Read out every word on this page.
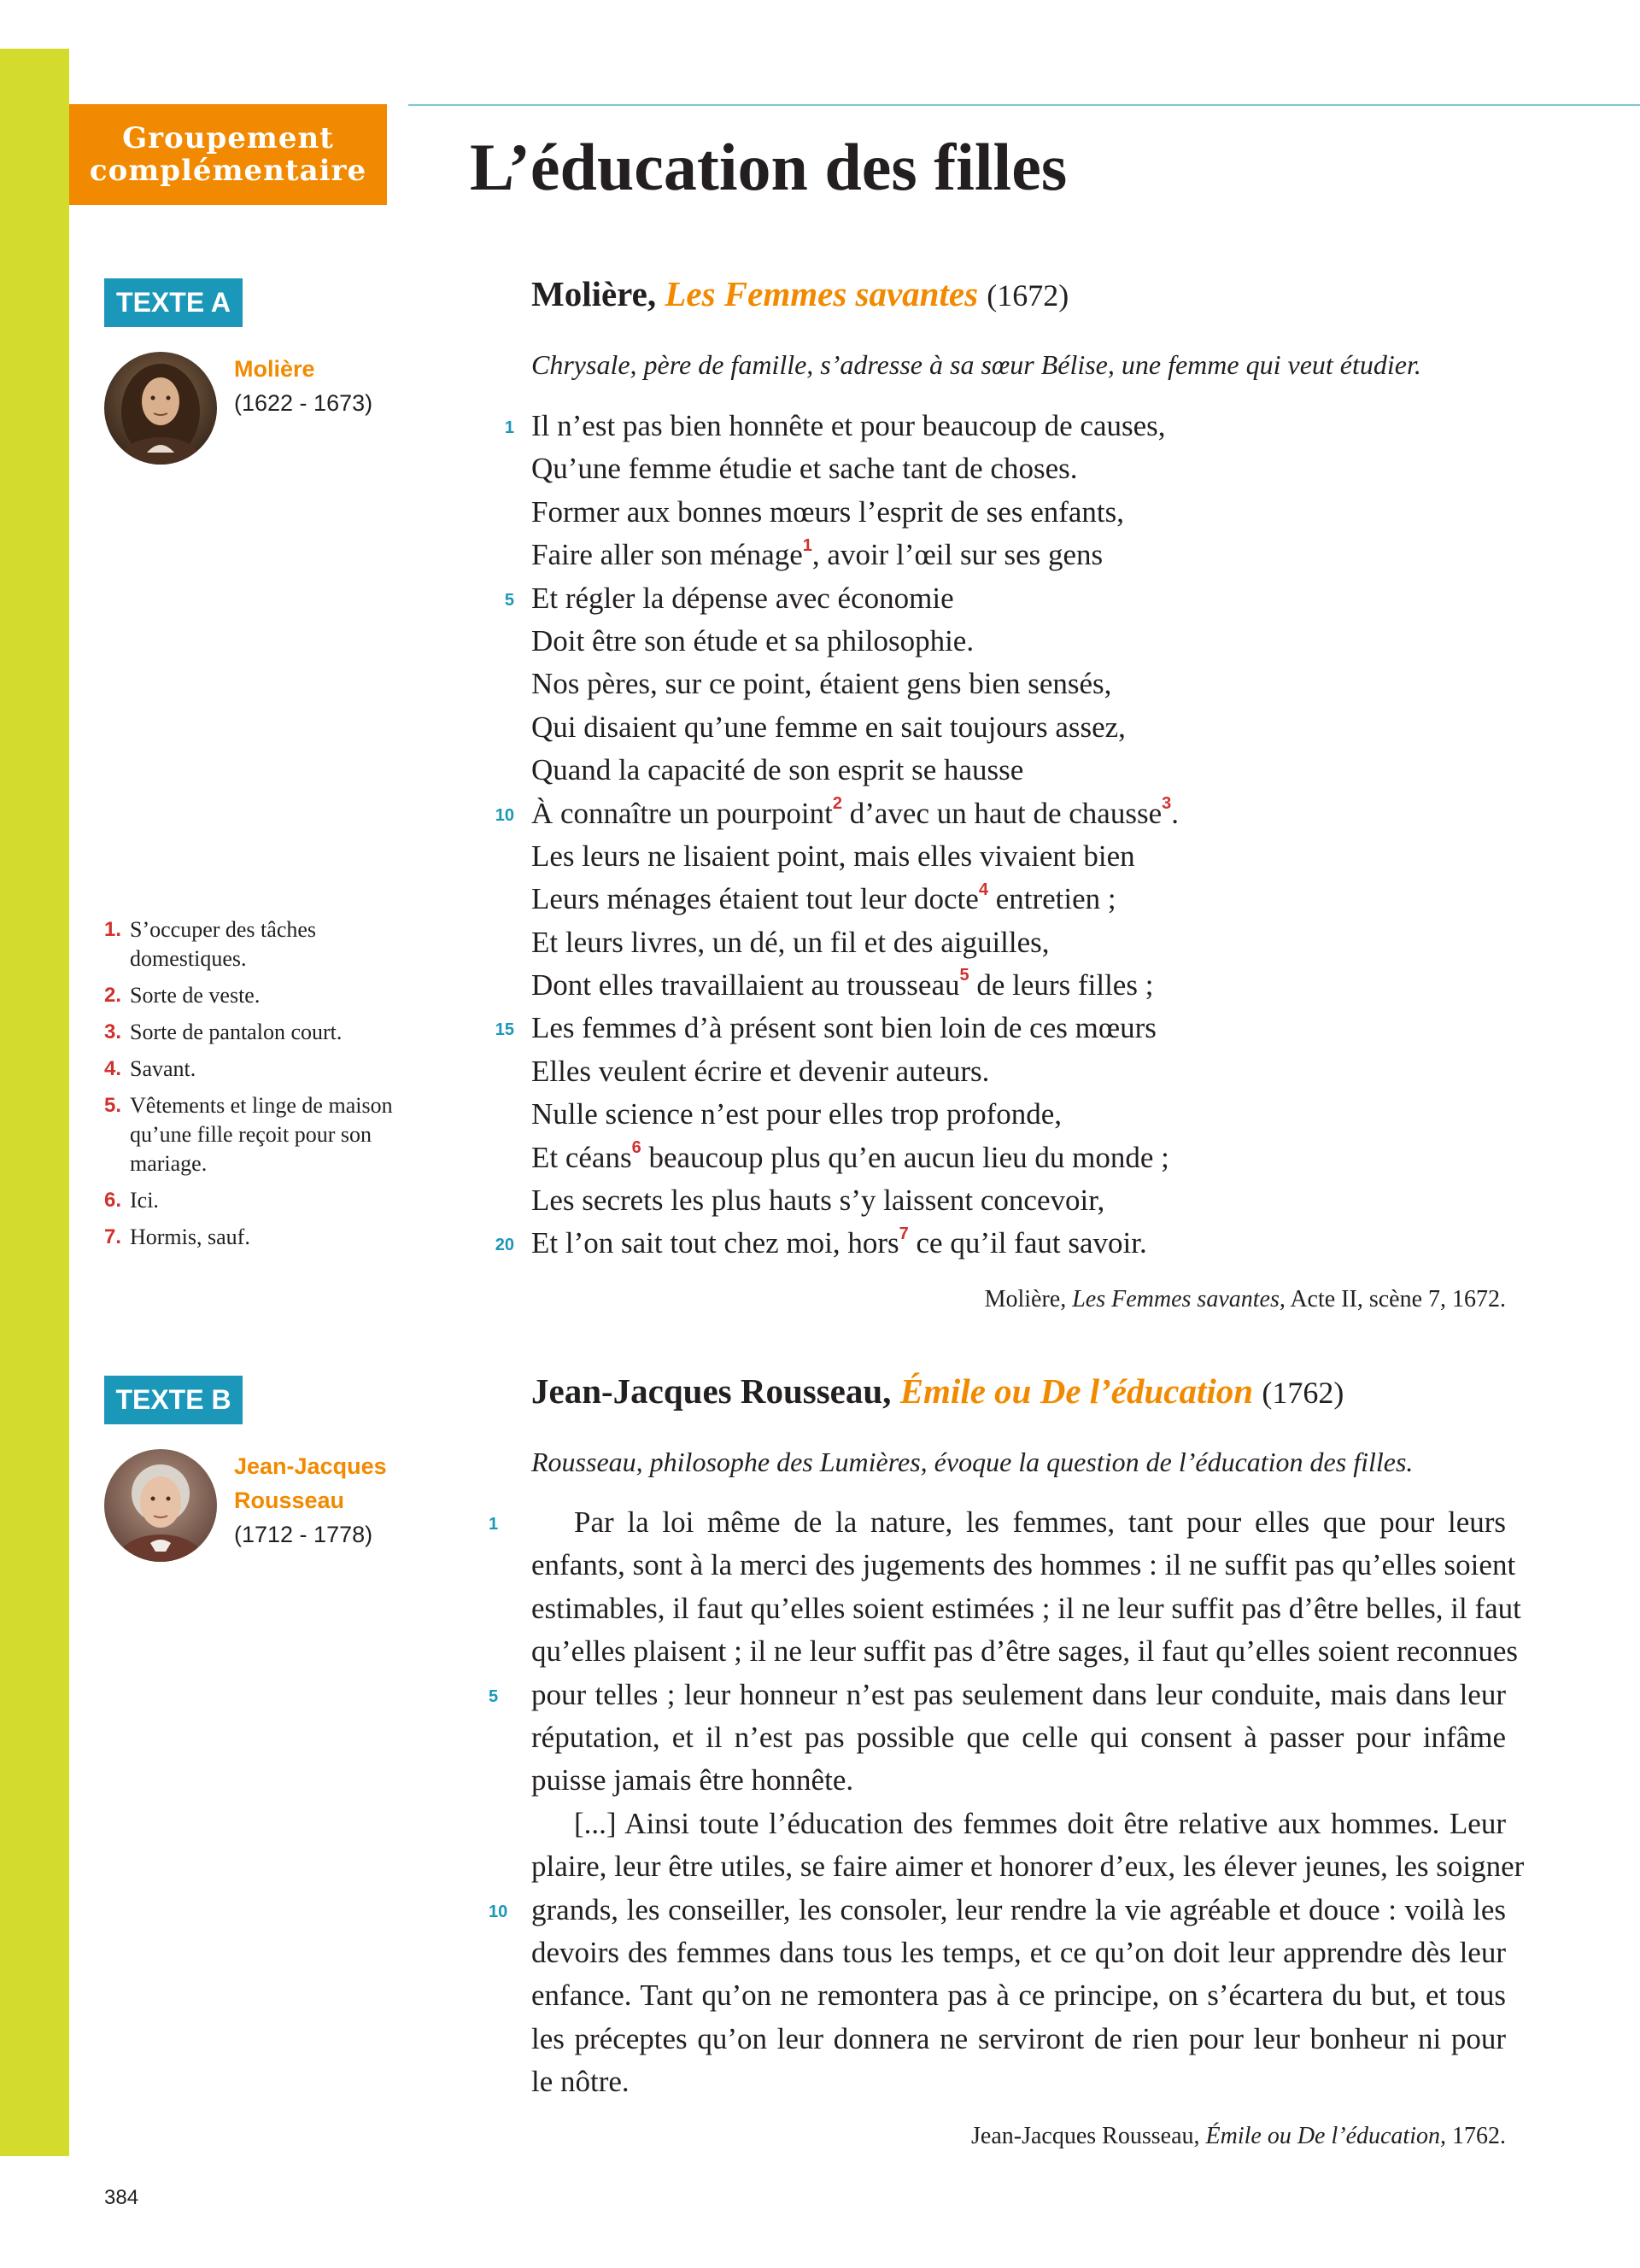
Groupement
complémentaire	L’éducation des filles
TEXTE A
Molière
(1622 - 1673)
Molière, Les Femmes savantes (1672)
Chrysale, père de famille, s’adresse à sa sœur Bélise, une femme qui veut étudier.
1 Il n’est pas bien honnête et pour beaucoup de causes,
Qu’une femme étudie et sache tant de choses.
Former aux bonnes mœurs l’esprit de ses enfants,
Faire aller son ménage$^1$, avoir l’œil sur ses gens
5 Et régler la dépense avec économie
Doit être son étude et sa philosophie.
Nos pères, sur ce point, étaient gens bien sensés,
Qui disaient qu’une femme en sait toujours assez,
Quand la capacité de son esprit se hausse
10 À connaître un pourpoint$^2$ d’avec un haut de chausse$^3$.
Les leurs ne lisaient point, mais elles vivaient bien
Leurs ménages étaient tout leur docte$^4$ entretien ;
Et leurs livres, un dé, un fil et des aiguilles,
Dont elles travaillaient au trousseau$^5$ de leurs filles ;
15 Les femmes d’à présent sont bien loin de ces mœurs
Elles veulent écrire et devenir auteurs.
Nulle science n’est pour elles trop profonde,
Et céans$^6$ beaucoup plus qu’en aucun lieu du monde ;
Les secrets les plus hauts s’y laissent concevoir,
20 Et l’on sait tout chez moi, hors$^7$ ce qu’il faut savoir.
1. S’occuper des tâches domestiques.
2. Sorte de veste.
3. Sorte de pantalon court.
4. Savant.
5. Vêtements et linge de maison qu’une fille reçoit pour son mariage.
6. Ici.
7. Hormis, sauf.
Molière, Les Femmes savantes, Acte II, scène 7, 1672.
TEXTE B
Jean-Jacques
Rousseau
(1712 - 1778)
Jean-Jacques Rousseau, Émile ou De l’éducation (1762)
Rousseau, philosophe des Lumières, évoque la question de l’éducation des filles.
1	Par la loi même de la nature, les femmes, tant pour elles que pour leurs
enfants, sont à la merci des jugements des hommes : il ne suffit pas qu’elles soient
estimables, il faut qu’elles soient estimées ; il ne leur suffit pas d’être belles, il faut
qu’elles plaisent ; il ne leur suffit pas d’être sages, il faut qu’elles soient reconnues
5	pour telles ; leur honneur n’est pas seulement dans leur conduite, mais dans leur
réputation, et il n’est pas possible que celle qui consent à passer pour infâme
puisse jamais être honnête.
[...] Ainsi toute l’éducation des femmes doit être relative aux hommes. Leur
plaire, leur être utiles, se faire aimer et honorer d’eux, les élever jeunes, les soigner
10 grands, les conseiller, les consoler, leur rendre la vie agréable et douce : voilà les
devoirs des femmes dans tous les temps, et ce qu’on doit leur apprendre dès leur
enfance. Tant qu’on ne remontera pas à ce principe, on s’écartera du but, et tous
les préceptes qu’on leur donnera ne serviront de rien pour leur bonheur ni pour
le nôtre.
Jean-Jacques Rousseau, Émile ou De l’éducation, 1762.
384
